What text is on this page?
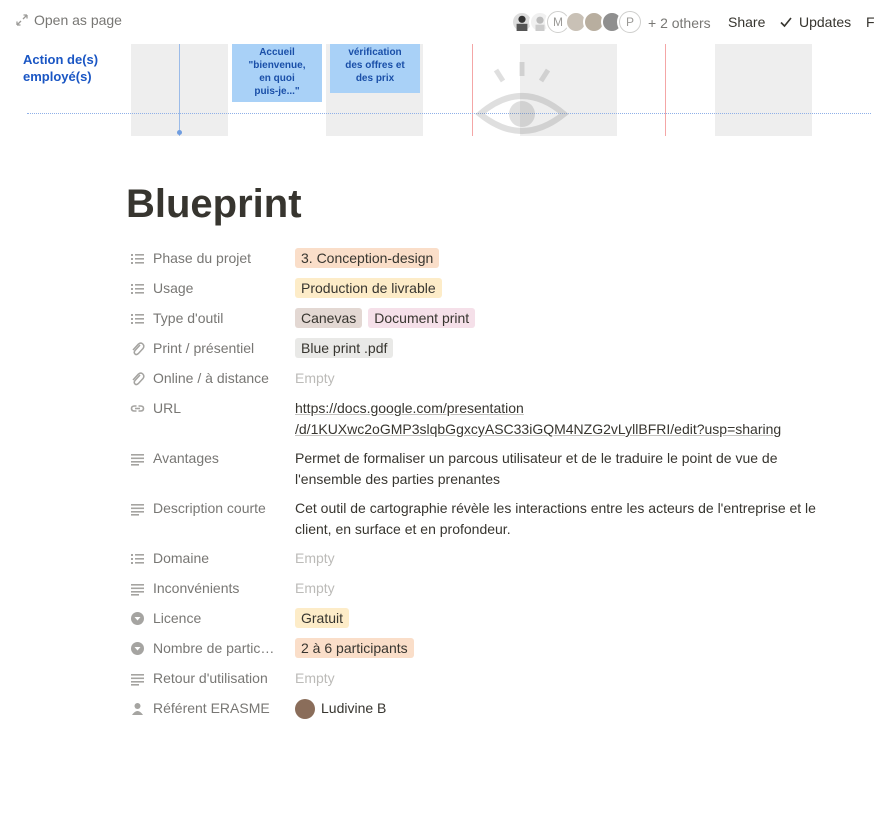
Open as page	M	P	+ 2 others Share Updates F
Action de(s)
employé(s)
Accueil
"bienvenue,
en quoi
puis-je..."
vérification
des offres et
des prix
Blueprint
Phase du projet	3. Conception-design
Usage	Production de livrable
Type d'outil	Canevas Document print
Print / présentiel	Blue print .pdf
Online / à distance Empty
URL	https://docs.google.com/presentation
/d/1KUXwc2oGMP3slqbGgxcyASC33iGQM4NZG2vLyllBFRI/edit?usp=sharing
Avantages	Permet de formaliser un parcous utilisateur et de le traduire le point de vue de
l'ensemble des parties prenantes
Description courte Cet outil de cartographie révèle les interactions entre les acteurs de l'entreprise et le
client, en surface et en profondeur.
Domaine	Empty
Inconvénients	Empty
Licence	Gratuit
Nombre de partic…	2 à 6 participants
Retour d'utilisation Empty
Référent ERASME	Ludivine B
